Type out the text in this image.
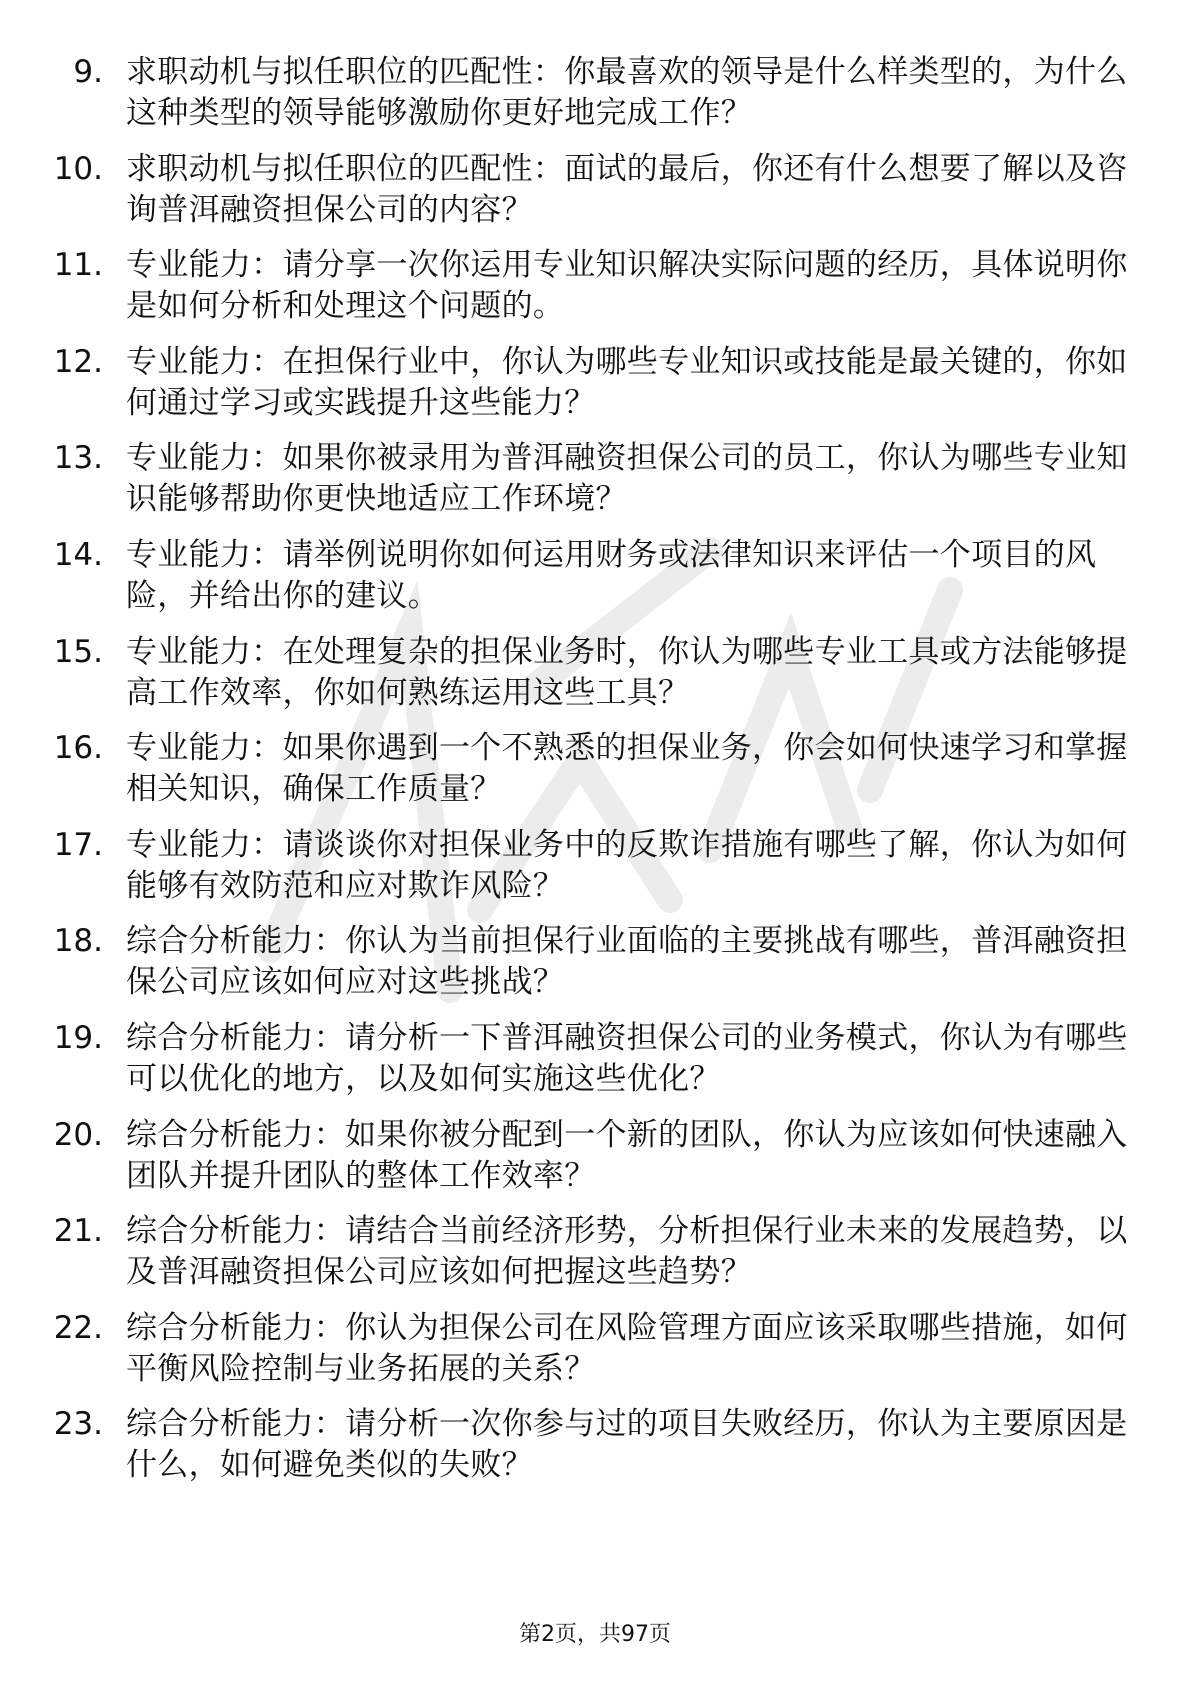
9. 求职动机与拟任职位的匹配性：你最喜欢的领导是什么样类型的，为什么这种类型的领导能够激励你更好地完成工作？
10. 求职动机与拟任职位的匹配性：面试的最后，你还有什么想要了解以及咨询普洱融资担保公司的内容？
11. 专业能力：请分享一次你运用专业知识解决实际问题的经历，具体说明你是如何分析和处理这个问题的。
12. 专业能力：在担保行业中，你认为哪些专业知识或技能是最关键的，你如何通过学习或实践提升这些能力？
13. 专业能力：如果你被录用为普洱融资担保公司的员工，你认为哪些专业知识能够帮助你更快地适应工作环境？
14. 专业能力：请举例说明你如何运用财务或法律知识来评估一个项目的风险，并给出你的建议。
15. 专业能力：在处理复杂的担保业务时，你认为哪些专业工具或方法能够提高工作效率，你如何熟练运用这些工具？
16. 专业能力：如果你遇到一个不熟悉的担保业务，你会如何快速学习和掌握相关知识，确保工作质量？
17. 专业能力：请谈谈你对担保业务中的反欺诈措施有哪些了解，你认为如何能够有效防范和应对欺诈风险？
18. 综合分析能力：你认为当前担保行业面临的主要挑战有哪些，普洱融资担保公司应该如何应对这些挑战？
19. 综合分析能力：请分析一下普洱融资担保公司的业务模式，你认为有哪些可以优化的地方，以及如何实施这些优化？
20. 综合分析能力：如果你被分配到一个新的团队，你认为应该如何快速融入团队并提升团队的整体工作效率？
21. 综合分析能力：请结合当前经济形势，分析担保行业未来的发展趋势，以及普洱融资担保公司应该如何把握这些趋势？
22. 综合分析能力：你认为担保公司在风险管理方面应该采取哪些措施，如何平衡风险控制与业务拓展的关系？
23. 综合分析能力：请分析一次你参与过的项目失败经历，你认为主要原因是什么，如何避免类似的失败？
第2页，共97页
